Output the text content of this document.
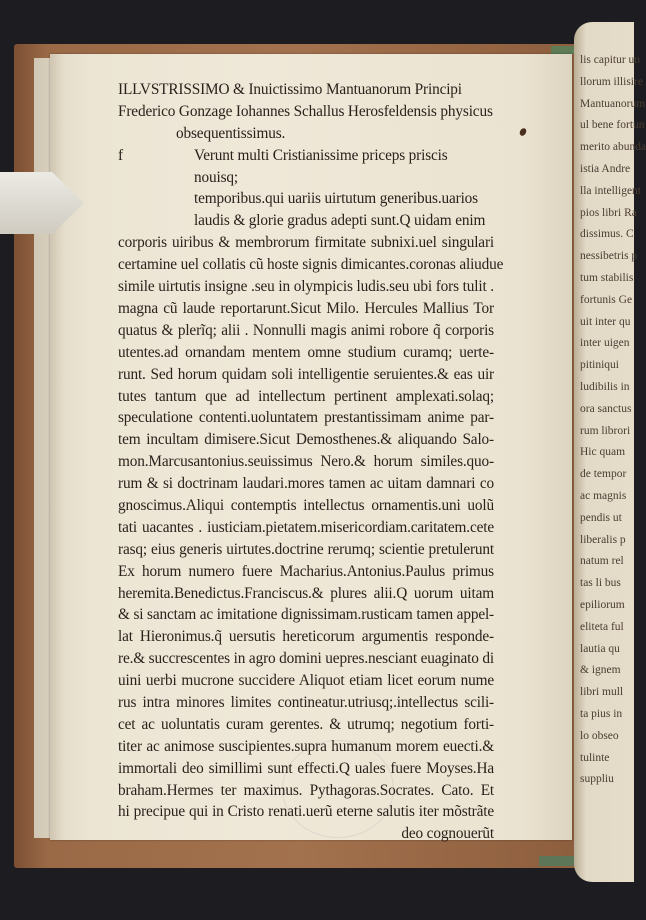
lis capitur un
llorum illisire
Mantuanorum
ul bene fortun
merito abunda
istia Andre
lla intelligent
pios libri Ra
dissimus. C
nessibetris p
tum stabilis
fortunis Ge
uit inter qu
inter uigen
pitiniqui
ludibilis in
ora sanctus
rum librori
Hic quam
de tempor
ac magnis
pendis ut
liberalis p
natum rel
tas li bus
epiliorum
eliteta ful
lautia qu
& ignem
libri mull
ta pius in
lo obseo
tulinte
suppliu
ILLVSTRISSIMO & Inuictissimo Mantuanorum Principi
Frederico Gonzage Iohannes Schallus Herosfeldensis physicus
obsequentissimus.
f	Verunt multi Cristianissime priceps priscis nouisq;
temporibus.qui uariis uirtutum generibus.uarios
laudis & glorie gradus adepti sunt.Q uidam enim
corporis uiribus & membrorum firmitate subnixi.uel singulari
certamine uel collatis cũ hoste signis dimicantes.coronas aliudue
simile uirtutis insigne .seu in olympicis ludis.seu ubi fors tulit .
magna cũ laude reportarunt.Sicut Milo. Hercules Mallius Tor
quatus & plerĩq; alii . Nonnulli magis animi robore q̃ corporis
utentes.ad ornandam mentem omne studium curamq; uerte-
runt. Sed horum quidam soli intelligentie seruientes.& eas uir
tutes tantum que ad intellectum pertinent amplexati.solaq;
speculatione contenti.uoluntatem prestantissimam anime par-
tem incultam dimisere.Sicut Demosthenes.& aliquando Salo-
mon.Marcusantonius.seuissimus Nero.& horum similes.quo-
rum & si doctrinam laudari.mores tamen ac uitam damnari co
gnoscimus.Aliqui contemptis intellectus ornamentis.uni uolũ
tati uacantes . iusticiam.pietatem.misericordiam.caritatem.cete
rasq; eius generis uirtutes.doctrine rerumq; scientie pretulerunt
Ex horum numero fuere Macharius.Antonius.Paulus primus
heremita.Benedictus.Franciscus.& plures alii.Q uorum uitam
& si sanctam ac imitatione dignissimam.rusticam tamen appel-
lat Hieronimus.q̃ uersutis hereticorum argumentis responde-
re.& succrescentes in agro domini uepres.nesciant euaginato di
uini uerbi mucrone succidere Aliquot etiam licet eorum nume
rus intra minores limites contineatur.utriusq;.intellectus scili-
cet ac uoluntatis curam gerentes. & utrumq; negotium forti-
titer ac animose suscipientes.supra humanum morem euecti.&
immortali deo simillimi sunt effecti.Q uales fuere Moyses.Ha
braham.Hermes ter maximus. Pythagoras.Socrates. Cato. Et
hi precipue qui in Cristo renati.uerũ eterne salutis iter mõstrãte
deo cognouerũt
